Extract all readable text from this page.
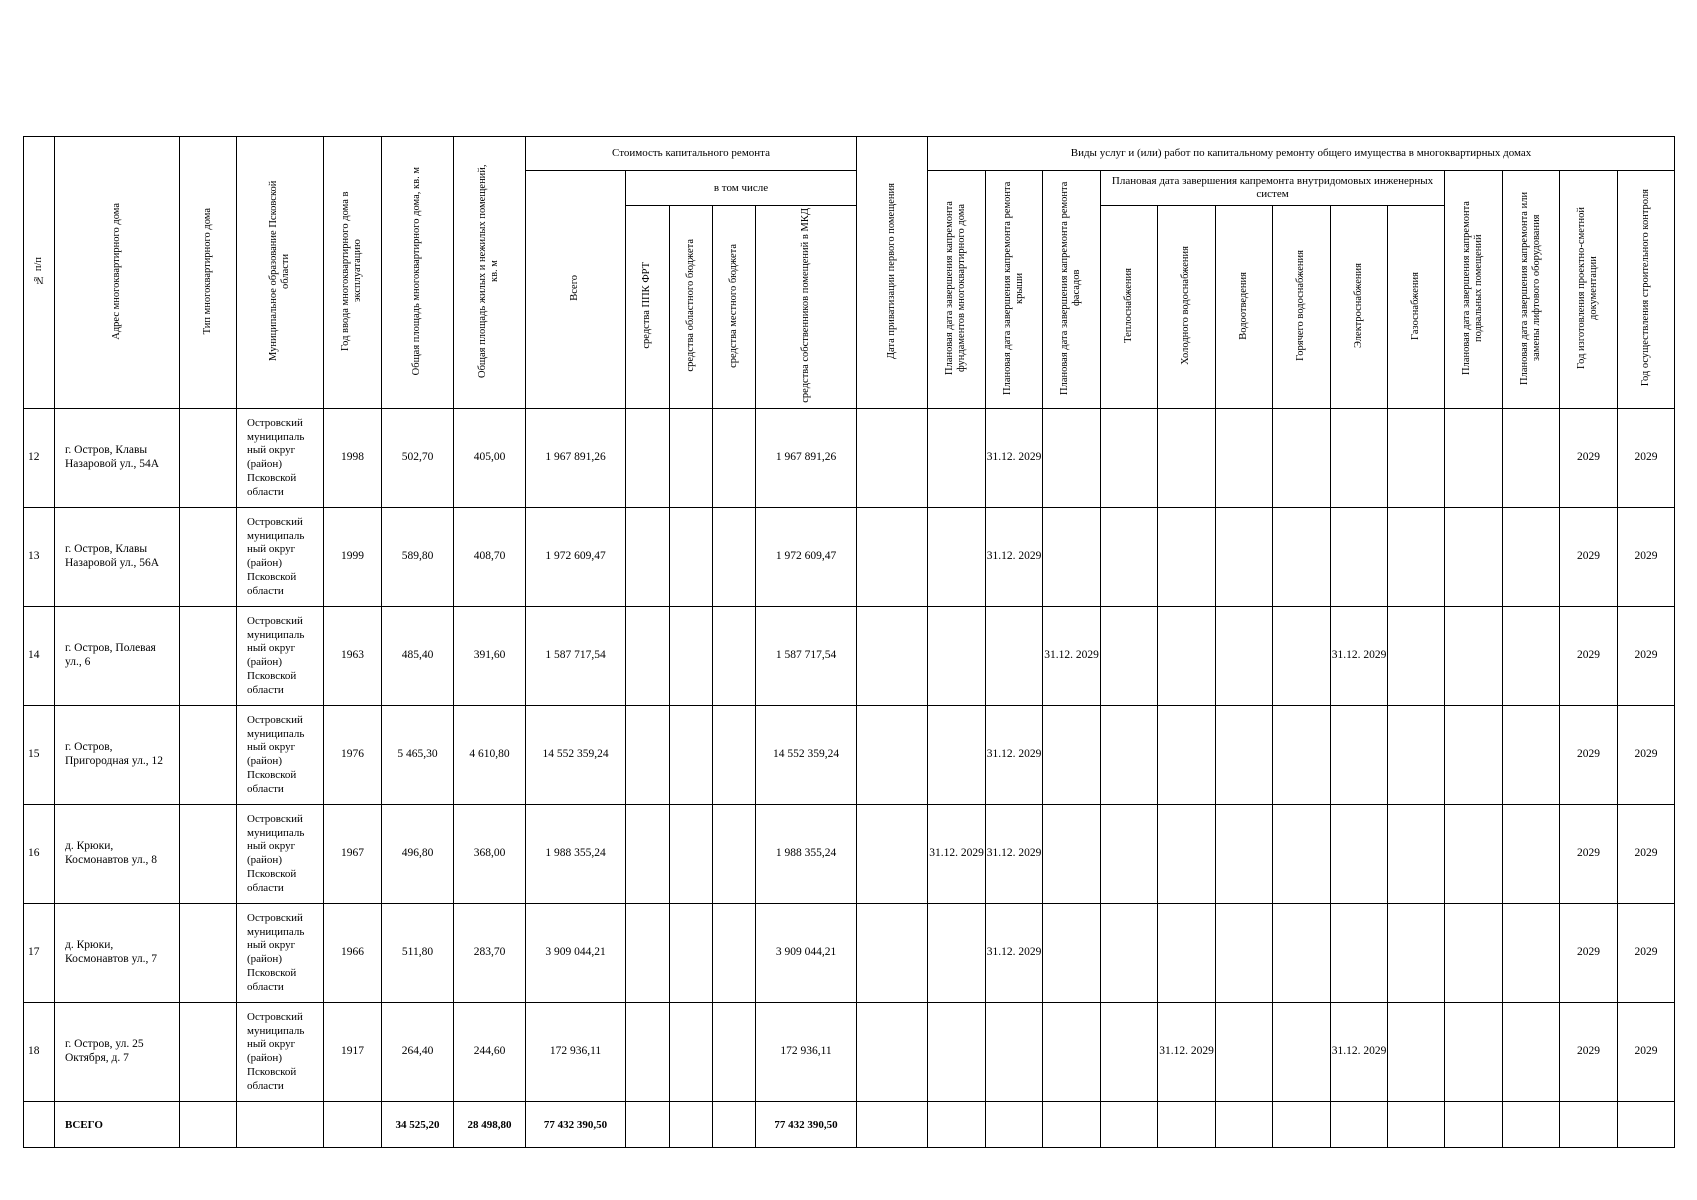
№ п/п	Адрес многоквартирного дома	Тип многоквартирного дома	Муниципальное образование Псковской области	Год ввода многоквартирного дома в эксплуатацию	Общая площадь многоквартирного дома, кв. м	Общая площадь жилых и нежилых помещений, кв. м	Стоимость капитального ремонта					Дата приватизации первого помещения	Виды услуг и (или) работ по капитальному ремонту общего имущества в многоквартирных домах												
							Всего	в том числе					Плановая дата завершения капремонта фундаментов многоквартирного дома	Плановая дата завершения капремонта ремонта крыши	Плановая дата завершения капремонта ремонта фасадов	Плановая дата завершения капремонта внутридомовых инженерных систем						Плановая дата завершения капремонта подвальных помещений	Плановая дата завершения капремонта или замены лифтового оборудования	Год изготовления проектно-сметной документации	Год осуществления строительного контроля
								средства ППК ФРТ	средства областного бюджета	средства местного бюджета	средства собственников помещений в МКД					Теплоснабжения	Холодного водоснабжения	Водоотведения	Горячего водоснабжения	Электроснабжения	Газоснабжения				
12	г. Остров, Клавы Назаровой ул., 54А		Островский муниципаль ный округ (район) Псковской области	1998	502,70	405,00	1 967 891,26				1 967 891,26			31.12. 2029										2029	2029
13	г. Остров, Клавы Назаровой ул., 56А		Островский муниципаль ный округ (район) Псковской области	1999	589,80	408,70	1 972 609,47				1 972 609,47			31.12. 2029										2029	2029
14	г. Остров, Полевая ул., 6		Островский муниципаль ный округ (район) Псковской области	1963	485,40	391,60	1 587 717,54				1 587 717,54				31.12. 2029					31.12. 2029				2029	2029
15	г. Остров, Пригородная ул., 12		Островский муниципаль ный округ (район) Псковской области	1976	5 465,30	4 610,80	14 552 359,24				14 552 359,24			31.12. 2029										2029	2029
16	д. Крюки, Космонавтов ул., 8		Островский муниципаль ный округ (район) Псковской области	1967	496,80	368,00	1 988 355,24				1 988 355,24		31.12. 2029	31.12. 2029										2029	2029
17	д. Крюки, Космонавтов ул., 7		Островский муниципаль ный округ (район) Псковской области	1966	511,80	283,70	3 909 044,21				3 909 044,21			31.12. 2029										2029	2029
18	г. Остров, ул. 25 Октября, д. 7		Островский муниципаль ный округ (район) Псковской области	1917	264,40	244,60	172 936,11				172 936,11						31.12. 2029			31.12. 2029				2029	2029
	ВСЕГО				34 525,20	28 498,80	77 432 390,50				77 432 390,50														
